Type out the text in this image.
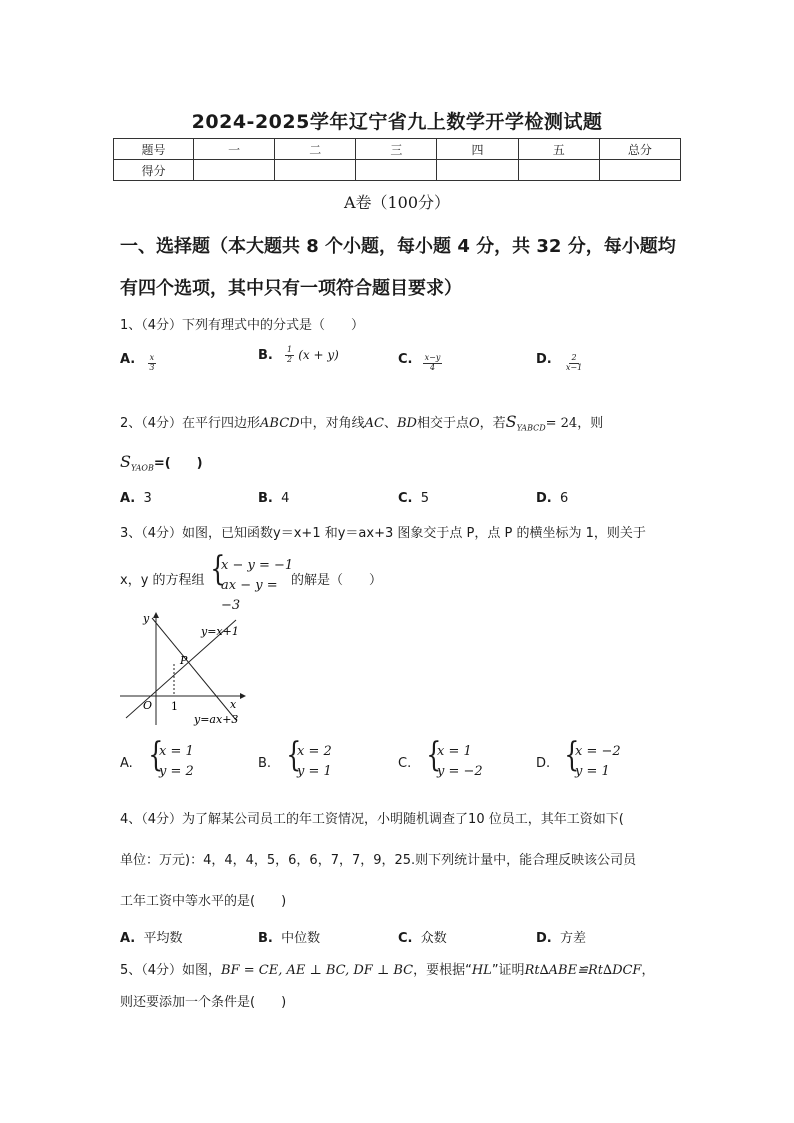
2024-2025学年辽宁省九上数学开学检测试题
题号	一	二	三	四	五	总分
得分						
A卷（100分）
一、选择题（本大题共 8 个小题，每小题 4 分，共 32 分，每小题均
有四个选项，其中只有一项符合题目要求）
1、（4分）下列有理式中的分式是（　　）
A. $\frac{x}{3}$	B. $\frac{1}{2} (x + y)$	C. $\frac{x-y}{4}$	D. $\frac{2}{x-1}$
2、（4分）在平行四边形ABCD中，对角线AC、BD相交于点O，若$S_{YABCD}= 24$，则
$S_{YAOB}=$(　　)
A. 3	B. 4	C. 5	D. 6
3、（4分）如图，已知函数y＝x+1 和y＝ax+3 图象交于点 P，点 P 的横坐标为 1，则关于
x，y 的方程组 {
x − y = −1
ax − y = −3
的解是（　　）
y
x
O 1
P
y=x+1
y=ax+3
A. {
x = 1
y = 2
B. {
x = 2
y = 1
C. {
x = 1
y = −2
D. {
x = −2
y = 1
4、（4分）为了解某公司员工的年工资情况，小明随机调查了10 位员工，其年工资如下(
单位：万元)：4，4，4，5，6，6，7，7，9，25.则下列统计量中，能合理反映该公司员
工年工资中等水平的是(　　)
A. 平均数	B. 中位数	C. 众数	D. 方差
5、（4分）如图，BF = CE, AE ⊥ BC, DF ⊥ BC，要根据“HL”证明Rt∆ABE≌Rt∆DCF，
则还要添加一个条件是(　　)
